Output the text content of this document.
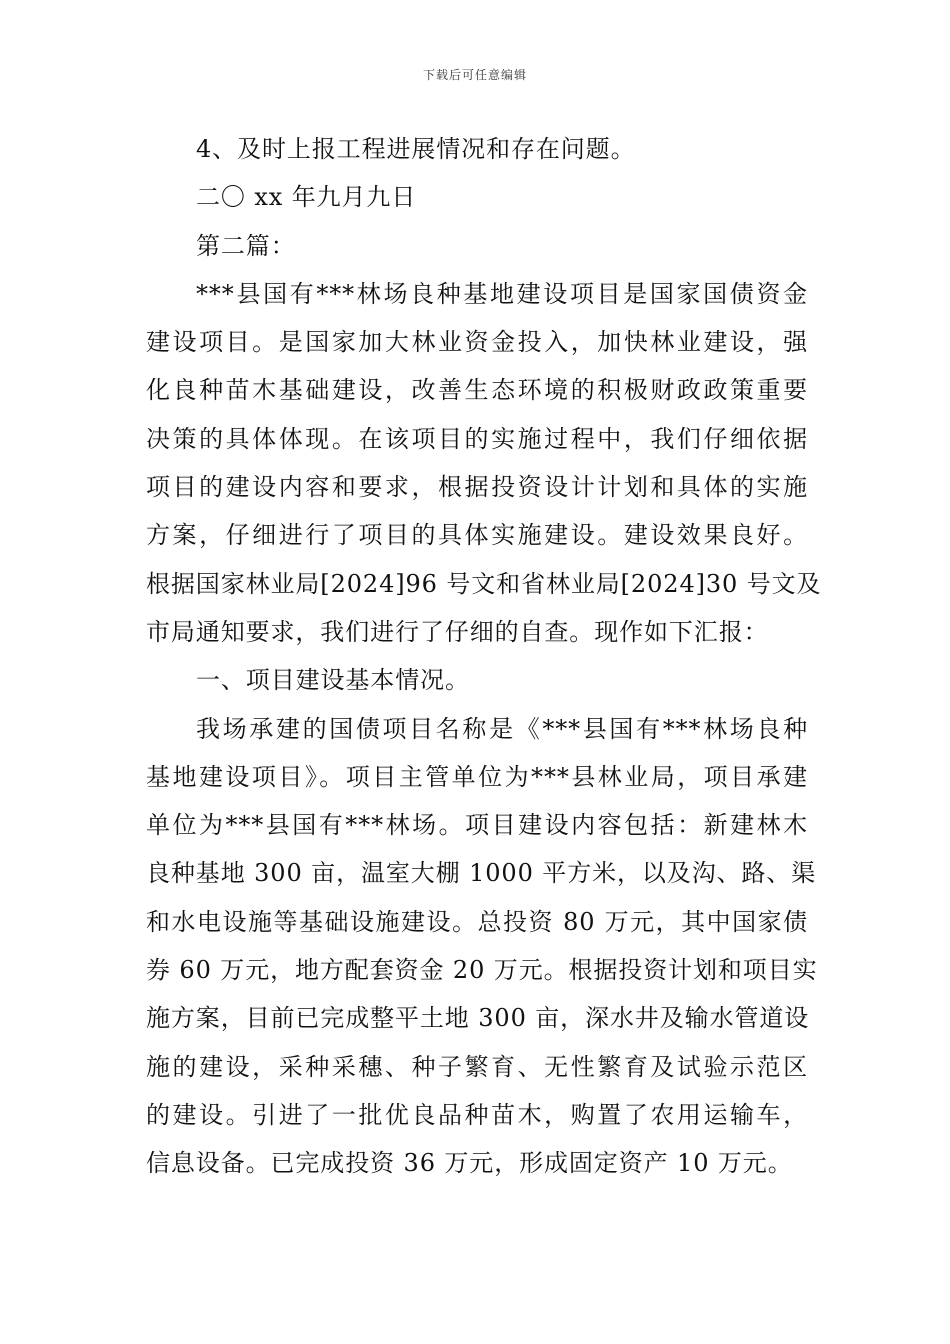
下载后可任意编辑
4、及时上报工程进展情况和存在问题。
二〇 xx 年九月九日
第二篇：
***县国有***林场良种基地建设项目是国家国债资金
建设项目。是国家加大林业资金投入，加快林业建设，强
化良种苗木基础建设，改善生态环境的积极财政政策重要
决策的具体体现。在该项目的实施过程中，我们仔细依据
项目的建设内容和要求，根据投资设计计划和具体的实施
方案，仔细进行了项目的具体实施建设。建设效果良好。
根据国家林业局[2024]96 号文和省林业局[2024]30 号文及
市局通知要求，我们进行了仔细的自查。现作如下汇报：
一、项目建设基本情况。
我场承建的国债项目名称是《***县国有***林场良种
基地建设项目》。项目主管单位为***县林业局，项目承建
单位为***县国有***林场。项目建设内容包括：新建林木
良种基地 300 亩，温室大棚 1000 平方米，以及沟、路、渠
和水电设施等基础设施建设。总投资 80 万元，其中国家债
券 60 万元，地方配套资金 20 万元。根据投资计划和项目实
施方案，目前已完成整平土地 300 亩，深水井及输水管道设
施的建设，采种采穗、种子繁育、无性繁育及试验示范区
的建设。引进了一批优良品种苗木，购置了农用运输车，
信息设备。已完成投资 36 万元，形成固定资产 10 万元。
